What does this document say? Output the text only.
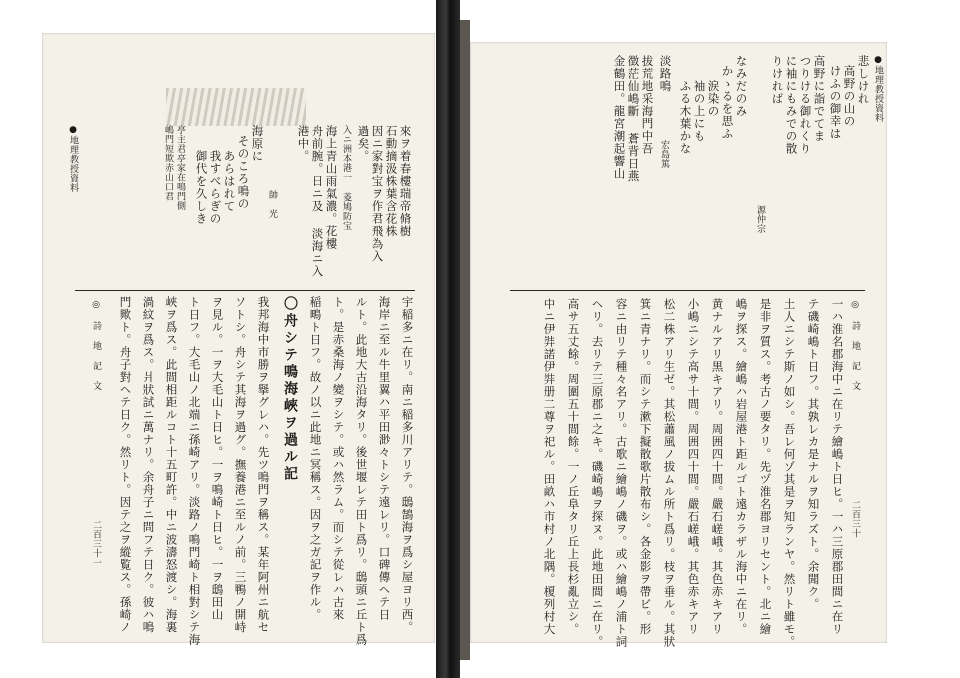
●地理教授資料
悲しけれ
高野の山の
けふの御幸は
高野に詣でてま
つりける御れくり
に袖にもみでの散
りければ
源仲宗
なみだのみ
かゝるを思ふ
涙染の
袖の上にも
ふる木葉かな
淡路鳴
宏島篤
拔荒地采海門中吾
徴茫仙嶋斷 蒼背日燕
金鶴田。龍宮潮起響山
◎ 詩 地 記 文
二百三十
一ハ淮名郡海中ニ在リテ繪嶋ト日ヒ。一ハ三原郡田間ニ在リ
テ磯崎嶋ト日フ。其孰レカ是ナルヲ知ラズト。余聞ク。
土人ニシテ斯ノ如シ。吾レ何ゾ其是ヲ知ランヤ。然リト雖モ。
是非ヲ質ス。考古ノ要タリ。先ヅ淮名郡ヨリセント。北ニ繪
嶋ヲ探ス。繪嶋ハ岩屋港ト距ルゴト遠カラザル海中ニ在リ。
黄ナルアリ黒キアリ。周囲四十間。嚴石嵯峨。其色赤キアリ
小嶋ニシテ高サ十間。周囲四十間。嚴石嵯峨。其色赤キアリ
松二株アリ生ゼ。其松蕭風ノ拔ムル所ト爲リ。枝ヲ垂ル。其狀
箕ニ青ナリ。而シテ漱下擬散歌片散布シ。各金影ヲ帶ビ。形
容ニ由リテ種々名アリ。古歌ニ繪嶋ノ磯ヲ。或ハ繪嶋ノ浦ト詞
ヘリ。去リテ三原郡ニ之キ。磯崎嶋ヲ探ヌ。此地田間ニ在リ。
高サ五丈餘。周圍五十間餘。一ノ丘阜タリ丘上長杉亂立シ。
中ニ伊弉諾伊弉册二尊ヲ祀ル。田畝ハ市村ノ北隅。榎列村大
來ヲ着春樓瑞帝脩樹
石動摘汲株葉含花株
因ニ家對宝ヲ作君飛為入
過矣。
入ニ洲本港一 菱鳩防宝
海上青山雨氣濃。花樓
舟前腕。日ニ及 淡海ニ入
港中。
帥　光
海原に
そのころ鳴の
あらはれて
我すべらぎの
御代を久しき
亭主君亭家在鳴門側
嶋門短欺赤山口君
●地理教授資料
宇稲多ニ在リ。南ニ稲多川アリテ。鴟鵠海ヲ爲シ屋ヨリ西。
海岸ニ至ル牛里翼ハ平田渺々トシテ遠レリ。口碑傳ヘテ日
ルト。此地大古沿海タリ。後世堰レテ田ト爲リ。鴟頭ニ丘ト爲
ト。是赤桑海ノ變ヲシテ。或ハ然ラム。而シテ從レハ古來
稲鴫ト日フ。故ノ以ニ此地ニ冥稱ス。因ヲ之ガ記ヲ作ル。
〇舟シテ鳴海峽ヲ過ル記
我邦海中市勝ヲ擧グレハ。先ツ鳴門ヲ稱ス。某年阿州ニ航セ
ソトシ。舟シテ其海ヲ過グ。撫養港ニ至ルノ前。三鴨ノ開峙
ヲ見ル。一ヲ大毛山ト日ヒ。一ヲ鳴崎ト日ヒ。一ヲ鴟田山
ト日フ。大毛山ノ北端ニ孫崎アリ。淡路ノ鳴門崎ト相對シテ海
峽ヲ爲ス。此間相距ルコト十五町許。中ニ波濤怒渡シ。海裏
渦紋ヲ爲ス。爿狀試ニ萬ナリ。余舟子ニ問フテ日ク。彼ハ鳴
門歟ト。舟子對ヘテ日ク。然リト。因テ之ヲ縱覧ス。孫崎ノ
◎ 詩 地 記 文
二百三十一
